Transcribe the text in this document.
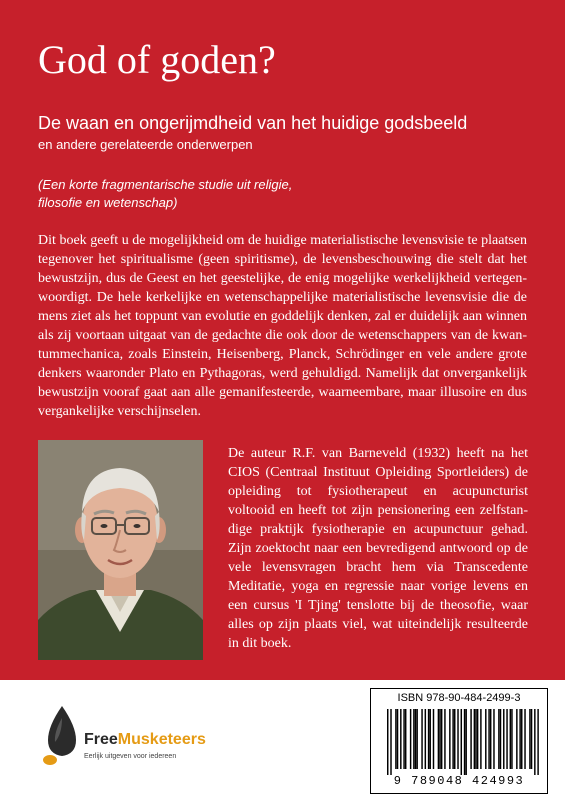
God of goden?
De waan en ongerijmdheid van het huidige godsbeeld
en andere gerelateerde onderwerpen
(Een korte fragmentarische studie uit religie,
filosofie en wetenschap)

Dit boek geeft u de mogelijkheid om de huidige materialistische levensvisie te plaatsen tegenover het spiritualisme (geen spiritisme), de levensbeschouwing die stelt dat het bewustzijn, dus de Geest en het geestelijke, de enig mogelijke werkelijkheid vertegen-woordigt. De hele kerkelijke en wetenschappelijke materialistische levensvisie die de mens ziet als het toppunt van evolutie en goddelijk denken, zal er duidelijk aan winnen als zij voortaan uitgaat van de gedachte die ook door de wetenschappers van de kwan-tummechanica, zoals Einstein, Heisenberg, Planck, Schrödinger en vele andere grote denkers waaronder Plato en Pythagoras, werd gehuldigd. Namelijk dat onvergankelijk bewustzijn vooraf gaat aan alle gemanifesteerde, waarneembare, maar illusoire en dus vergankelijke verschijnselen.

De auteur R.F. van Barneveld (1932) heeft na het CIOS (Centraal Instituut Opleiding Sportleiders) de opleiding tot fysiotherapeut en acupuncturist voltooid en heeft tot zijn pensionering een zelfstan-dige praktijk fysiotherapie en acupunctuur gehad. Zijn zoektocht naar een bevredigend antwoord op de vele levensvragen bracht hem via Transcedente Meditatie, yoga en regressie naar vorige levens en een cursus 'I Tjing' tenslotte bij de theosofie, waar alles op zijn plaats viel, wat uiteindelijk resulteerde in dit boek.

FreeMusketeers
Eerlijk uitgeven voor iedereen
ISBN 978-90-484-2499-3
9 789048 424993
